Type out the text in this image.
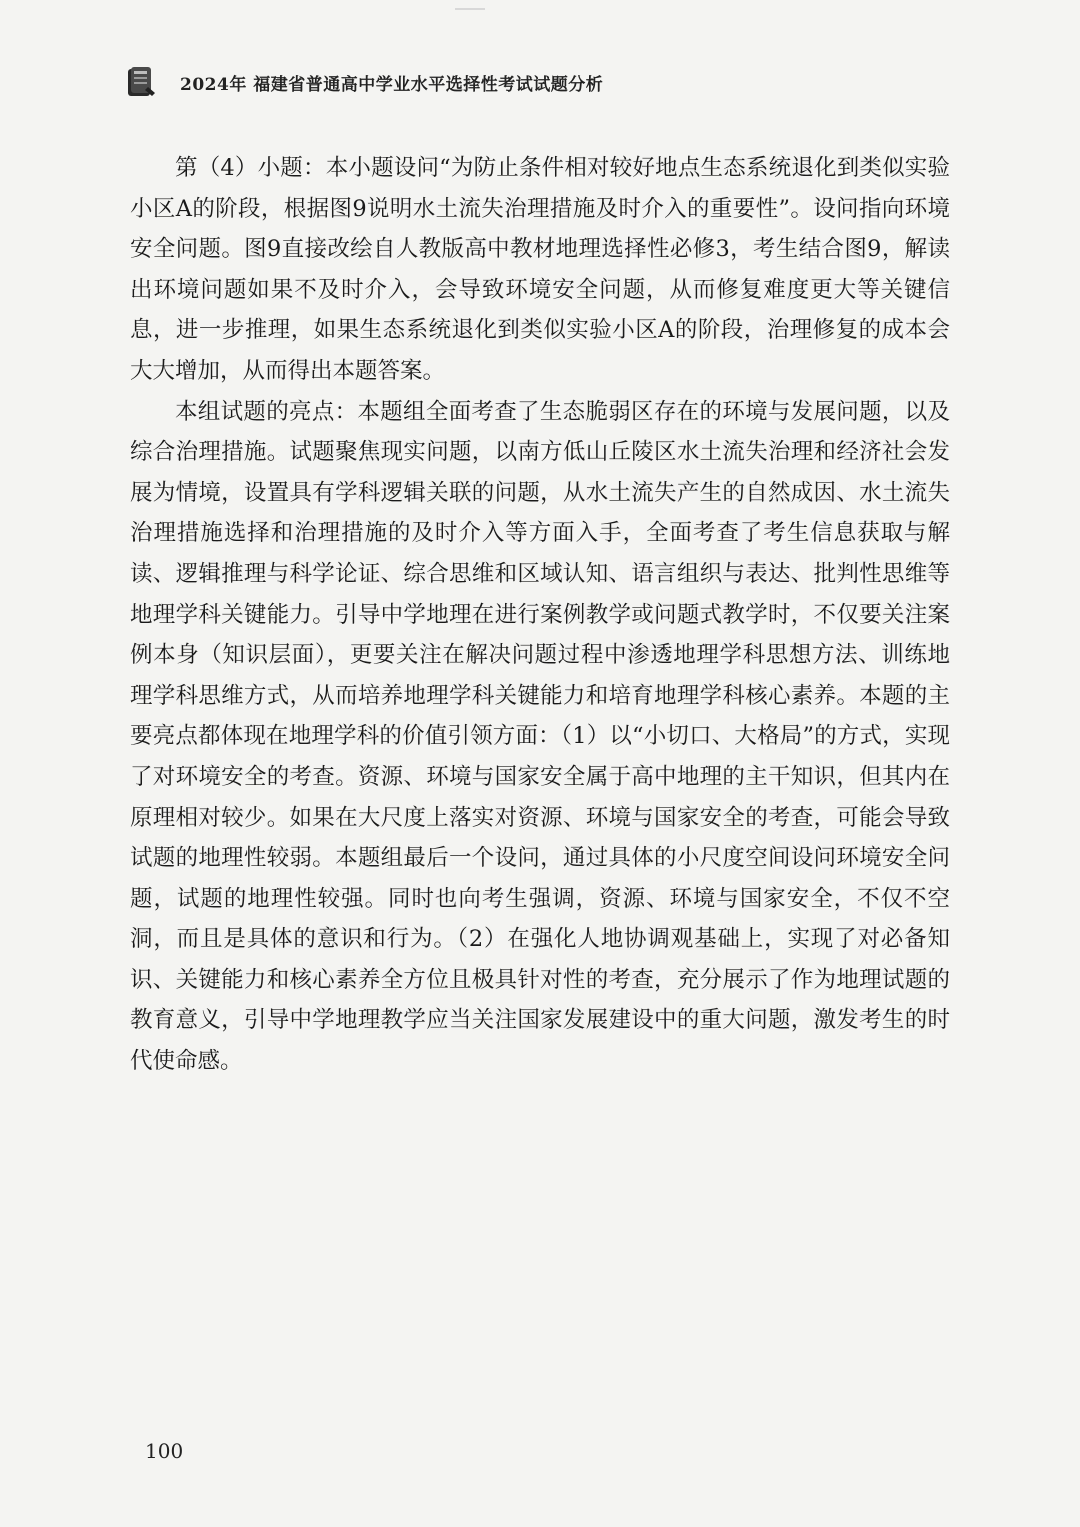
2024年 福建省普通高中学业水平选择性考试试题分析

第（4）小题：本小题设问“为防止条件相对较好地点生态系统退化到类似实验小区A的阶段，根据图9说明水土流失治理措施及时介入的重要性”。设问指向环境安全问题。图9直接改绘自人教版高中教材地理选择性必修3，考生结合图9，解读出环境问题如果不及时介入，会导致环境安全问题，从而修复难度更大等关键信息，进一步推理，如果生态系统退化到类似实验小区A的阶段，治理修复的成本会大大增加，从而得出本题答案。

本组试题的亮点：本题组全面考查了生态脆弱区存在的环境与发展问题，以及综合治理措施。试题聚焦现实问题，以南方低山丘陵区水土流失治理和经济社会发展为情境，设置具有学科逻辑关联的问题，从水土流失产生的自然成因、水土流失治理措施选择和治理措施的及时介入等方面入手，全面考查了考生信息获取与解读、逻辑推理与科学论证、综合思维和区域认知、语言组织与表达、批判性思维等地理学科关键能力。引导中学地理在进行案例教学或问题式教学时，不仅要关注案例本身（知识层面），更要关注在解决问题过程中渗透地理学科思想方法、训练地理学科思维方式，从而培养地理学科关键能力和培育地理学科核心素养。本题的主要亮点都体现在地理学科的价值引领方面：（1）以“小切口、大格局”的方式，实现了对环境安全的考查。资源、环境与国家安全属于高中地理的主干知识，但其内在原理相对较少。如果在大尺度上落实对资源、环境与国家安全的考查，可能会导致试题的地理性较弱。本题组最后一个设问，通过具体的小尺度空间设问环境安全问题，试题的地理性较强。同时也向考生强调，资源、环境与国家安全，不仅不空洞，而且是具体的意识和行为。（2）在强化人地协调观基础上，实现了对必备知识、关键能力和核心素养全方位且极具针对性的考查，充分展示了作为地理试题的教育意义，引导中学地理教学应当关注国家发展建设中的重大问题，激发考生的时代使命感。

100
